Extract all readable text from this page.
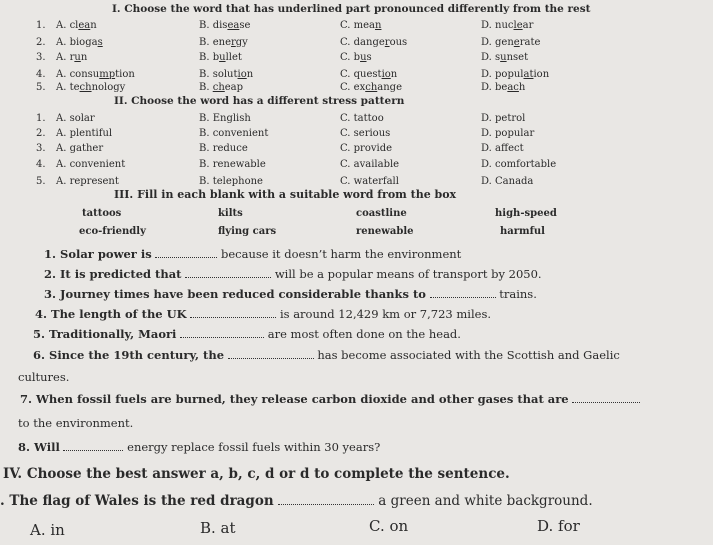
I. Choose the word that has underlined part pronounced differently from the rest
II. Choose the word has a different stress pattern
III. Fill in each blank with a suitable word from the box
tattoos	kilts	coastline	high-speed
eco-friendly	flying cars	renewable	harmful
1. Solar power is	because it doesn’t harm the environment
2. It is predicted that	will be a popular means of transport by 2050.
3. Journey times have been reduced considerable thanks to	trains.
4. The length of the UK	is around 12,429 km or 7,723 miles.
5. Traditionally, Maori	are most often done on the head.
6. Since the 19th century, the	has become associated with the Scottish and Gaelic
cultures.
7. When fossil fuels are burned, they release carbon dioxide and other gases that are
to the environment.
8. Will	energy replace fossil fuels within 30 years?
IV. Choose the best answer a, b, c, d or d to complete the sentence.
. The flag of Wales is the red dragon	a green and white background.
A. in	B. at	C. on	D. for
1. A. clean	B. disease	C. mean	D. nuclear
2. A. biogas	B. energy	C. dangerous	D. generate
3. A. run	B. bullet	C. bus	D. sunset
4. A. consumption	B. solution	C. question	D. population
5. A. technology	B. cheap	C. exchange	D. beach
1. A. solar	B. English	C. tattoo	D. petrol
2. A. plentiful	B. convenient	C. serious	D. popular
3. A. gather	B. reduce	C. provide	D. affect
4. A. convenient	B. renewable	C. available	D. comfortable
5. A. represent	B. telephone	C. waterfall	D. Canada
